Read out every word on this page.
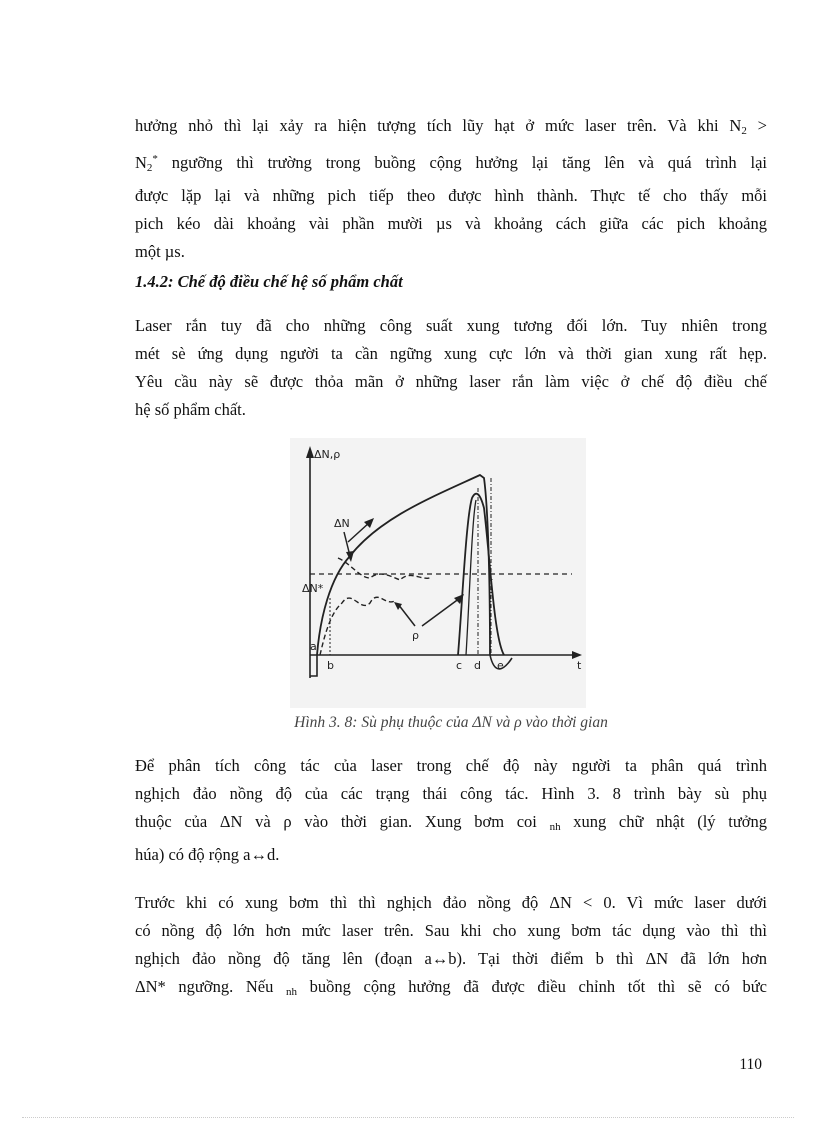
hưởng nhỏ thì lại xảy ra hiện tượng tích lũy hạt ở mức laser trên. Và khi $N_2$ >
$N_2^*$ ngưỡng thì trường trong buồng cộng hưởng lại tăng lên và quá trình lại
được lặp lại và những pich tiếp theo được hình thành. Thực tế cho thấy mỗi
pich kéo dài khoảng vài phần mười µs và khoảng cách giữa các pich khoảng
một µs.
1.4.2: Chế độ điều chế hệ số phẩm chất
Laser rắn tuy đã cho những công suất xung tương đối lớn. Tuy nhiên trong
mét sè ứng dụng người ta cần ngững xung cực lớn và thời gian xung rất hẹp.
Yêu cầu này sẽ được thỏa mãn ở những laser rắn làm việc ở chế độ điều chế
hệ số phẩm chất.
ΔN,ρ
t
ΔN*
ΔN
ρ
a
b	c d e
r
Hình 3. 8: Sù phụ thuộc của ΔN và ρ vào thời gian
Để phân tích công tác của laser trong chế độ này người ta phân quá trình
nghịch đảo nồng độ của các trạng thái công tác. Hình 3. 8 trình bày sù phụ
thuộc của ΔN và ρ vào thời gian. Xung bơm coi $_{nh}$ xung chữ nhật (lý tưởng
húa) có độ rộng a↔d.
Trước khi có xung bơm thì thì nghịch đảo nồng độ ΔN < 0. Vì mức laser dưới
có nồng độ lớn hơn mức laser trên. Sau khi cho xung bơm tác dụng vào thì thì
nghịch đảo nồng độ tăng lên (đoạn a↔b). Tại thời điểm b thì ΔN đã lớn hơn
ΔN* ngưỡng. Nếu $_{nh}$ buồng cộng hưởng đã được điều chỉnh tốt thì sẽ có bức
110
